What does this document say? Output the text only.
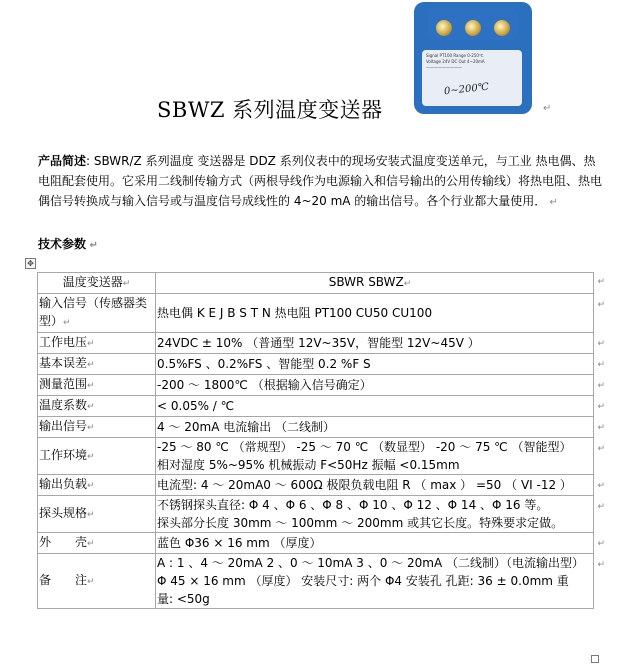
Signal PT100 Range 0-250℃
Voltage 24V DC Out 4~20mA
—————————
0~200℃
SBWZ 系列温度变送器	↵
产品简述: SBWR/Z 系列温度 变送器是 DDZ 系列仪表中的现场安装式温度变送单元，与工业 热电偶、热电阻配套使用。它采用二线制传输方式（两根导线作为电源输入和信号输出的公用传输线）将热电阻、热电偶信号转换成与输入信号或与温度信号成线性的 4~20 mA 的输出信号。各个行业都大量使用． ↵
技术参数 ↵
✥
温度变送器↵	SBWR SBWZ↵ ↵

输入信号（传感器类型）↵	热电偶 K E J B S T N 热电阻 PT100 CU50 CU100
↵

工作电压↵	24VDC ± 10% （普通型 12V~35V，智能型 12V~45V ） ↵

基本误差↵	0.5%FS 、0.2%FS 、智能型 0.2 %F S ↵

测量范围↵	-200 ～ 1800℃ （根据输入信号确定） ↵

温度系数↵	< 0.05% / ℃ ↵

输出信号↵	4 ～ 20mA 电流输出 （二线制） ↵

工作环境↵	-25 ～ 80 ℃ （常规型） -25 ～ 70 ℃ （数显型） -20 ～ 75 ℃ （智能型）
相对湿度 5%~95% 机械振动 F<50Hz 振幅 <0.15mm
↵

输出负载↵	电流型: 4 ～ 20mA0 ～ 600Ω 极限负载电阻 R （ max ） =50 （ VI -12 ） ↵

探头规格↵	不锈钢探头直径: Φ 4 、Φ 6 、Φ 8 、Φ 10 、Φ 12 、Φ 14 、Φ 16 等。
探头部分长度 30mm ～ 100mm ～ 200mm 或其它长度。特殊要求定做。
↵

外　　壳↵	蓝色 Φ36 × 16 mm （厚度） ↵

备　　注↵	A : 1 、4 ～ 20mA 2 、0 ～ 10mA 3 、0 ～ 20mA （二线制）（电流输出型）
Φ 45 × 16 mm （厚度） 安装尺寸: 两个 Φ4 安装孔 孔距: 36 ± 0.0mm 重量: <50g
↵
